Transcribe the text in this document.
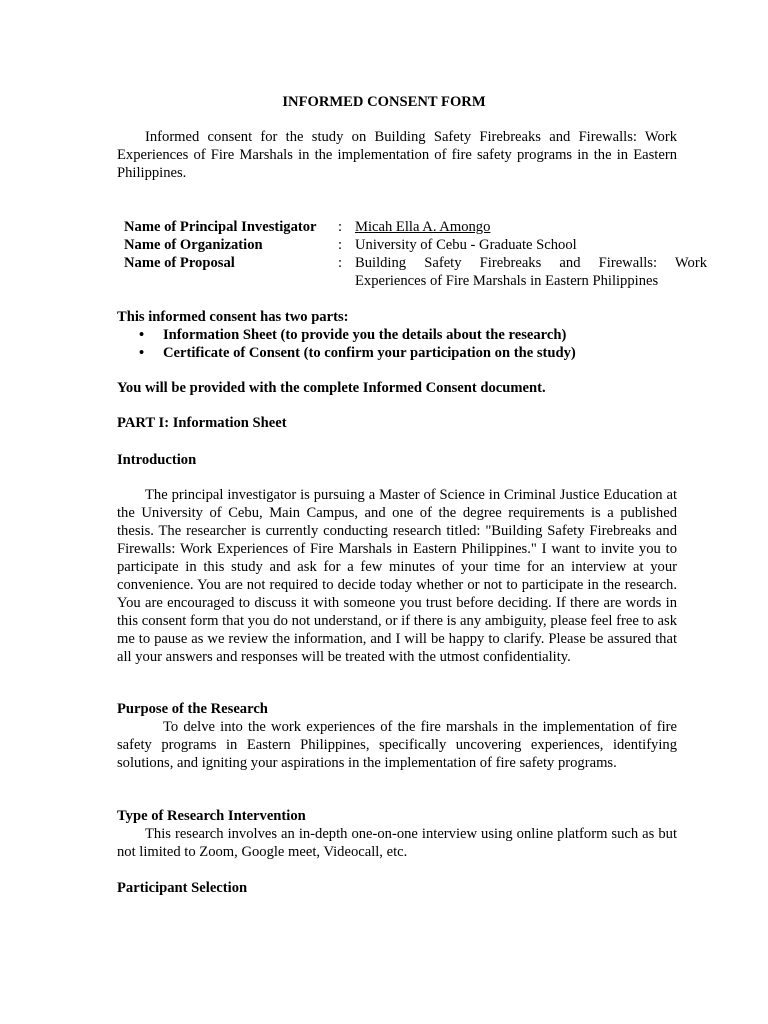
INFORMED CONSENT FORM
Informed consent for the study on Building Safety Firebreaks and Firewalls: Work Experiences of Fire Marshals in the implementation of fire safety programs in the in Eastern Philippines.
Name of Principal Investigator : Micah Ella A. Amongo
Name of Organization	: University of Cebu - Graduate School
Name of Proposal	: Building Safety Firebreaks and Firewalls: Work
Experiences of Fire Marshals in Eastern Philippines
This informed consent has two parts:
• Information Sheet (to provide you the details about the research)
• Certificate of Consent (to confirm your participation on the study)
You will be provided with the complete Informed Consent document.
PART I: Information Sheet
Introduction
The principal investigator is pursuing a Master of Science in Criminal Justice Education at the University of Cebu, Main Campus, and one of the degree requirements is a published thesis. The researcher is currently conducting research titled: "Building Safety Firebreaks and Firewalls: Work Experiences of Fire Marshals in Eastern Philippines." I want to invite you to participate in this study and ask for a few minutes of your time for an interview at your convenience. You are not required to decide today whether or not to participate in the research. You are encouraged to discuss it with someone you trust before deciding. If there are words in this consent form that you do not understand, or if there is any ambiguity, please feel free to ask me to pause as we review the information, and I will be happy to clarify. Please be assured that all your answers and responses will be treated with the utmost confidentiality.
Purpose of the Research
To delve into the work experiences of the fire marshals in the implementation of fire safety programs in Eastern Philippines, specifically uncovering experiences, identifying solutions, and igniting your aspirations in the implementation of fire safety programs.
Type of Research Intervention
This research involves an in-depth one-on-one interview using online platform such as but not limited to Zoom, Google meet, Videocall, etc.
Participant Selection
